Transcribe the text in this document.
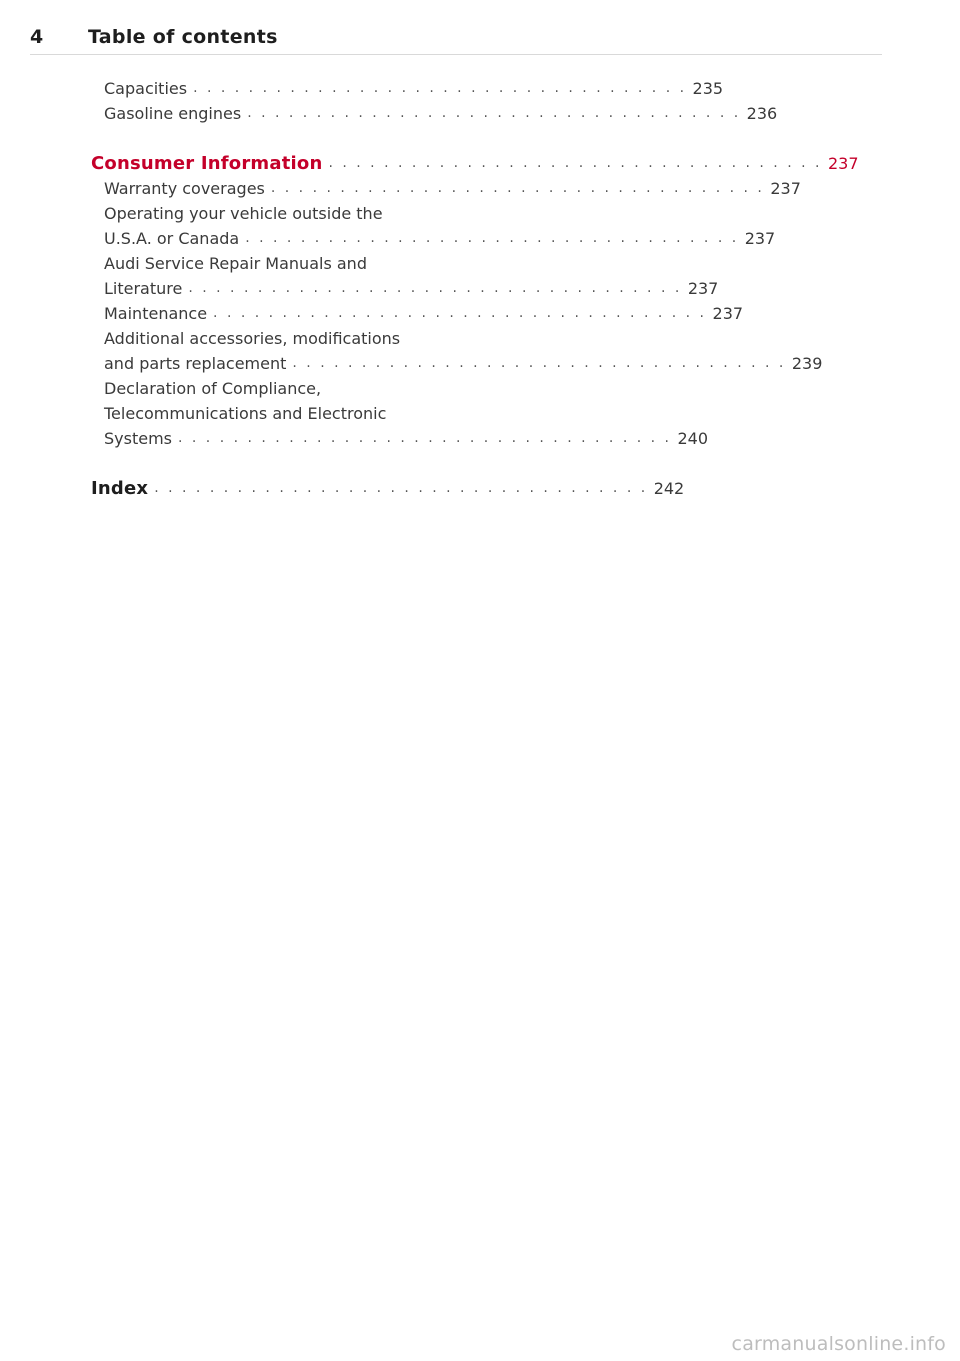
4 Table of contents
Capacities . . . . . . . . . . . . . . . . . . . . . . . . . . . . . . . . . . . . 235
Gasoline engines . . . . . . . . . . . . . . . . . . . . . . . . . . . . . . . . . . . . 236
Consumer Information . . . . . . . . . . . . . . . . . . . . . . . . . . . . . . . . . . . . 237
Warranty coverages . . . . . . . . . . . . . . . . . . . . . . . . . . . . . . . . . . . . 237
Operating your vehicle outside the
U.S.A. or Canada . . . . . . . . . . . . . . . . . . . . . . . . . . . . . . . . . . . . 237
Audi Service Repair Manuals and
Literature . . . . . . . . . . . . . . . . . . . . . . . . . . . . . . . . . . . . 237
Maintenance . . . . . . . . . . . . . . . . . . . . . . . . . . . . . . . . . . . . 237
Additional accessories, modifications
and parts replacement . . . . . . . . . . . . . . . . . . . . . . . . . . . . . . . . . . . . 239
Declaration of Compliance,
Telecommunications and Electronic
Systems . . . . . . . . . . . . . . . . . . . . . . . . . . . . . . . . . . . . 240
Index . . . . . . . . . . . . . . . . . . . . . . . . . . . . . . . . . . . . 242
carmanualsonline.info
